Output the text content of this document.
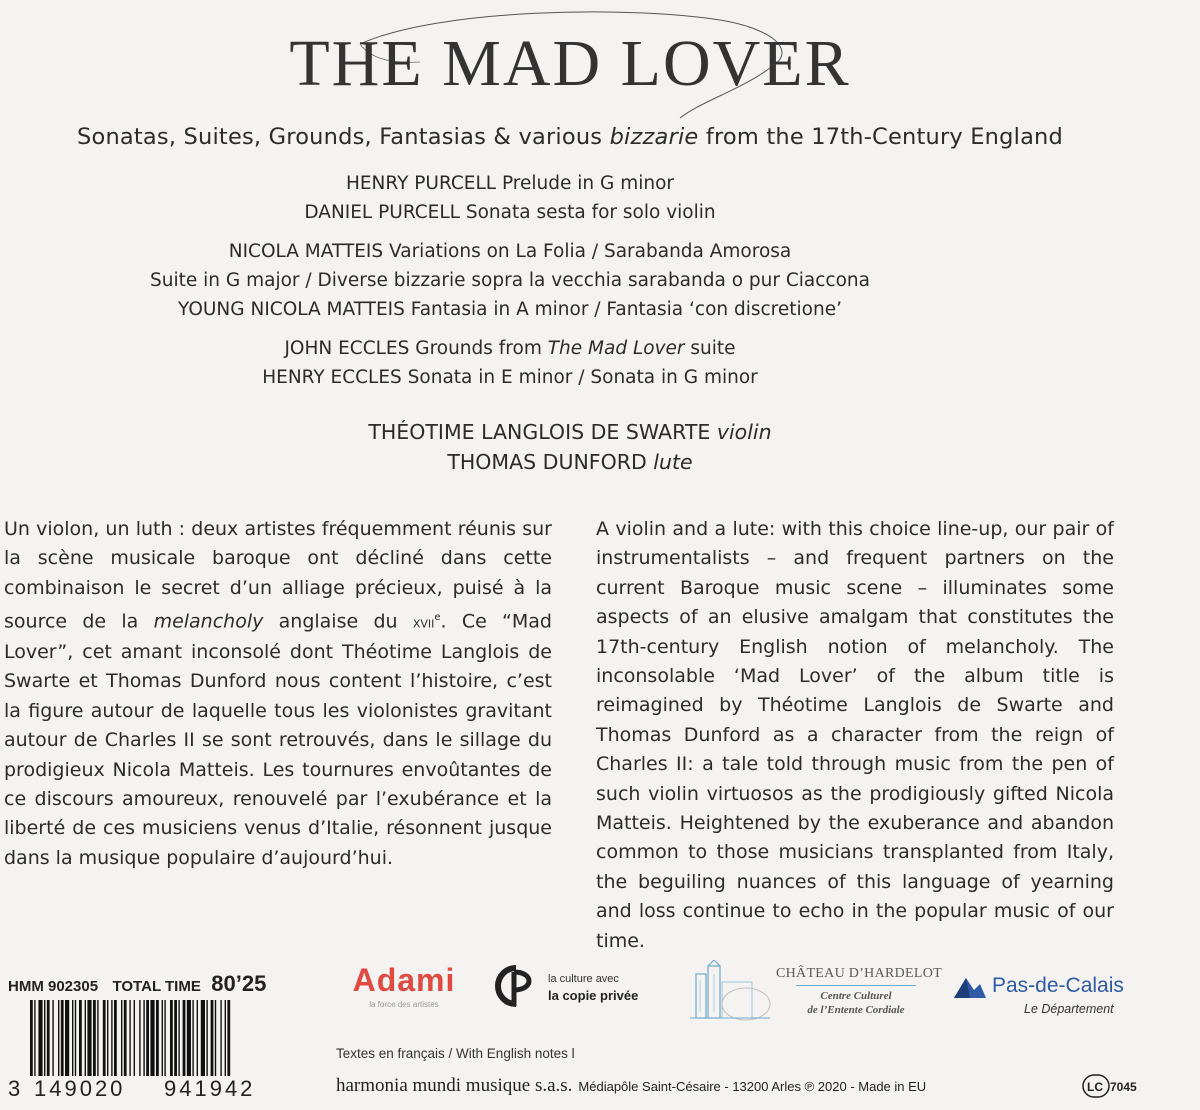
THE MAD LOVER
Sonatas, Suites, Grounds, Fantasias & various bizzarie from the 17th-Century England
HENRY PURCELL Prelude in G minor
DANIEL PURCELL Sonata sesta for solo violin
NICOLA MATTEIS Variations on La Folia / Sarabanda Amorosa
Suite in G major / Diverse bizzarie sopra la vecchia sarabanda o pur Ciaccona
YOUNG NICOLA MATTEIS Fantasia in A minor / Fantasia ‘con discretione’
JOHN ECCLES Grounds from The Mad Lover suite
HENRY ECCLES Sonata in E minor / Sonata in G minor
THÉOTIME LANGLOIS DE SWARTE violin
THOMAS DUNFORD lute
Un violon, un luth : deux artistes fréquemment réunis sur la scène musicale baroque ont décliné dans cette combinaison le secret d’un alliage précieux, puisé à la source de la melancholy anglaise du xvii$^e$. Ce “Mad Lover”, cet amant inconsolé dont Théotime Langlois de Swarte et Thomas Dunford nous content l’histoire, c’est la figure autour de laquelle tous les violonistes gravitant autour de Charles II se sont retrouvés, dans le sillage du prodigieux Nicola Matteis. Les tournures envoûtantes de ce discours amoureux, renouvelé par l’exubérance et la liberté de ces musiciens venus d’Italie, résonnent jusque dans la musique populaire d’aujourd’hui.
A violin and a lute: with this choice line-up, our pair of instrumentalists – and frequent partners on the current Baroque music scene – illuminates some aspects of an elusive amalgam that constitutes the 17th-century English notion of melancholy. The inconsolable ‘Mad Lover’ of the album title is reimagined by Théotime Langlois de Swarte and Thomas Dunford as a character from the reign of Charles II: a tale told through music from the pen of such violin virtuosos as the prodigiously gifted Nicola Matteis. Heightened by the exuberance and abandon common to those musicians transplanted from Italy, the beguiling nuances of this language of yearning and loss continue to echo in the popular music of our time.
HMM 902305 TOTAL TIME 80’25
3 149020 941942
Adami
la force des artistes
la culture avec
la copie privée
CHÂTEAU D’HARDELOT
Centre Culturel
de l’Entente Cordiale
Pas-de-Calais
Le Département
Textes en français / With English notes l
harmonia mundi musique s.a.s. Médiapôle Saint-Césaire - 13200 Arles ℗ 2020 - Made in EU	LC 7045
